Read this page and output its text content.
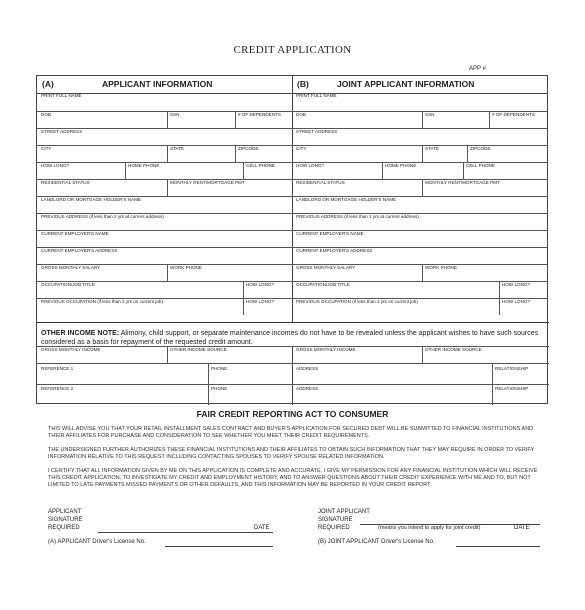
CREDIT APPLICATION
APP #
(A)	APPLICANT INFORMATION	(B)	JOINT APPLICANT INFORMATION
PRINT FULL NAME
DOB	SSN	# OF DEPENDENTS
STREET ADDRESS
CITY	STATE	ZIPCODE
HOW LONG?	HOME PHONE	CELL PHONE
RESIDENTIAL STATUS	MONTHLY RENT/MORTGAGE PMT
LANDLORD OR MORTGAGE HOLDER'S NAME
PREVIOUS ADDRESS (if less than 2 yrs at current address)
CURRENT EMPLOYER'S NAME
CURRENT EMPLOYER'S ADDRESS
GROSS MONTHLY SALARY	WORK PHONE
OCCUPATION/JOB TITLE	HOW LONG?
PREVIOUS OCCUPATION (if less than 2 yrs on current job)	HOW LONG?
PRINT FULL NAME
DOB	SSN	# OF DEPENDENTS
STREET ADDRESS
CITY	STATE	ZIPCODE
HOW LONG?	HOME PHONE	CELL PHONE
RESIDENTIAL STATUS	MONTHLY RENT/MORTGAGE PMT
LANDLORD OR MORTGAGE HOLDER'S NAME
PREVIOUS ADDRESS (if less than 2 yrs at current address)
CURRENT EMPLOYER'S NAME
CURRENT EMPLOYER'S ADDRESS
GROSS MONTHLY SALARY	WORK PHONE
OCCUPATION/JOB TITLE	HOW LONG?
PREVIOUS OCCUPATION (if less than 2 yrs on current job)	HOW LONG?
OTHER INCOME NOTE: Alimony, child support, or separate maintenance incomes do not have to be revealed unless the applicant wishes to have such sources considered as a basis for repayment of the requested credit amount.
GROSS MONTHLY INCOME	OTHER INCOME SOURCE	GROSS MONTHLY INCOME	OTHER INCOME SOURCE
REFERENCE 1	PHONE	ADDRESS	RELATIONSHIP
REFERENCE 2	PHONE	ADDRESS	RELATIONSHIP
FAIR CREDIT REPORTING ACT TO CONSUMER
THIS WILL ADVISE YOU THAT YOUR RETAIL INSTALLMENT SALES CONTRACT AND BUYER'S APPLICATION FOR SECURED DEBT WILL BE SUBMITTED TO FINANCIAL INSTITUTIONS AND THEIR AFFILIATES FOR PURCHASE AND CONSIDERATION TO SEE WHETHER YOU MEET THEIR CREDIT REQUIREMENTS.
THE UNDERSIGNED FURTHER AUTHORIZES THESE FINANCIAL INSTITUTIONS AND THEIR AFFILIATES TO OBTAIN SUCH INFORMATION THAT THEY MAY REQUIRE IN ORDER TO VERIFY INFORMATION RELATIVE TO THIS REQUEST INCLUDING CONTACTING SPOUSES TO VERIFY SPOUSE RELATED INFORMATION.
I CERTIFY THAT ALL INFORMATION GIVEN BY ME ON THIS APPLICATION IS COMPLETE AND ACCURATE. I GIVE MY PERMISSION FOR ANY FINANCIAL INSTITUTION WHICH WILL RECEIVE THIS CREDIT APPLICATION, TO INVESTIGATE MY CREDIT AND EMPLOYMENT HISTORY, AND TO ANSWER QUESTIONS ABOUT THEIR CREDIT EXPERIENCE WITH ME AND TO, BUT NOT LIMITED TO LATE PAYMENTS MISSED PAYMENTS OR OTHER DEFAULTS, AND THIS INFORMATION MAY BE REPORTED IN YOUR CREDIT REPORT.
APPLICANT
SIGNATURE
REQUIRED	DATE
JOINT APPLICANT
SIGNATURE
REQUIRED	(means you intend to apply for joint credit)	DATE
(A) APPLICANT Driver's License No.	(B) JOINT APPLICANT Driver's License No.
